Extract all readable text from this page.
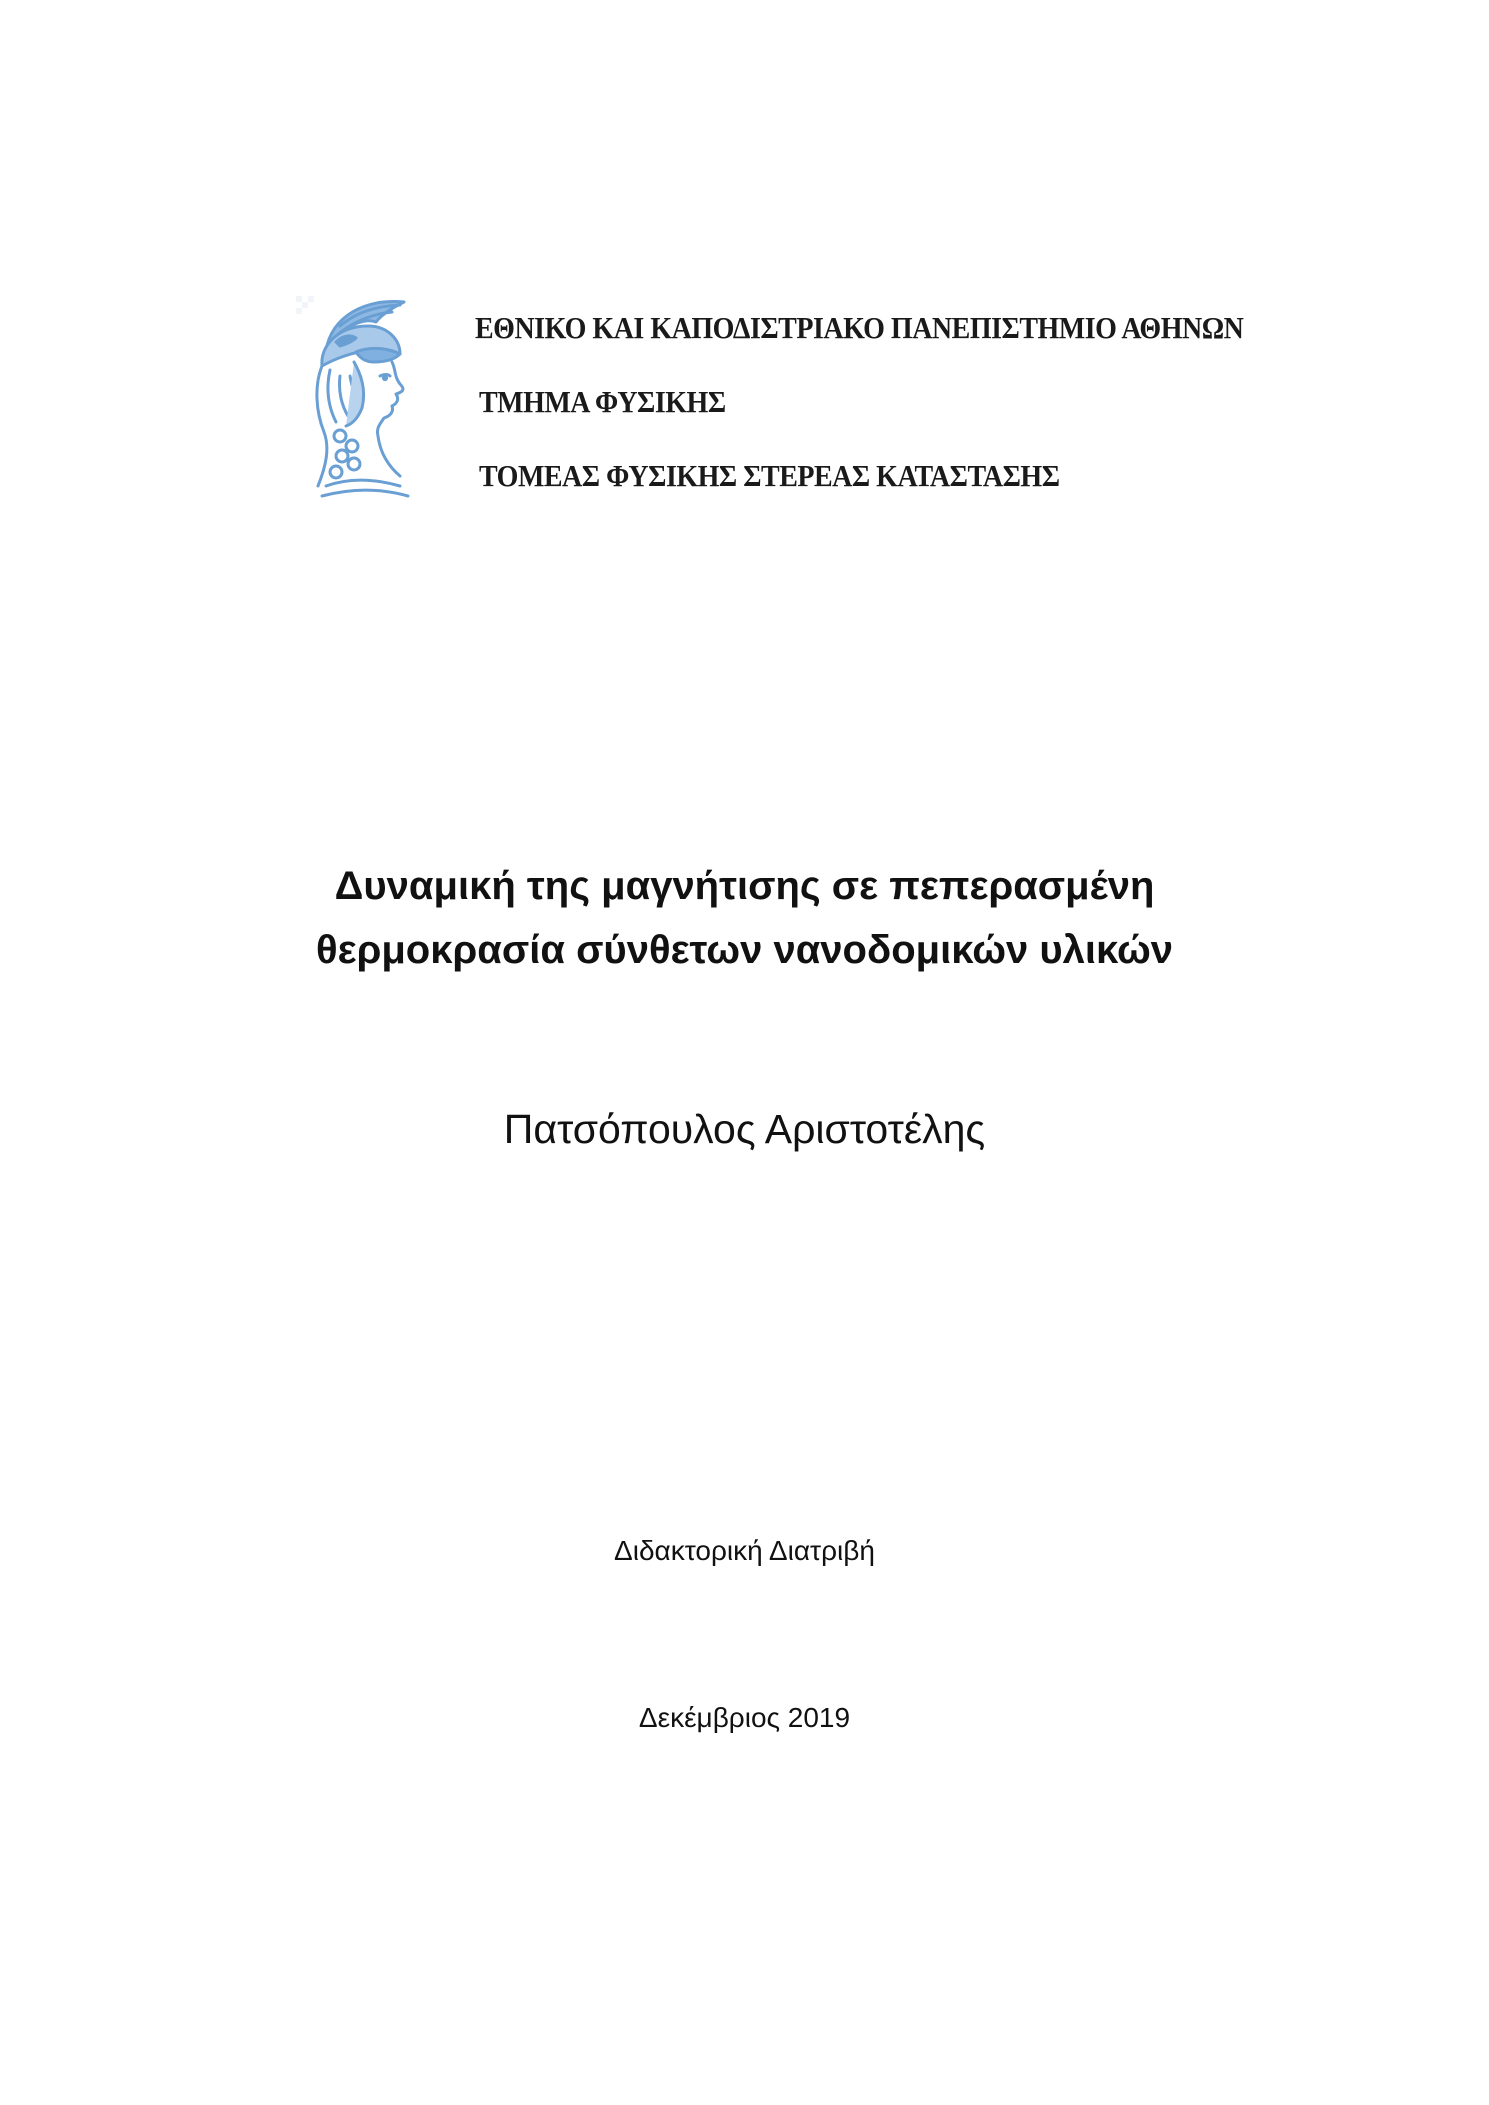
ΕΘΝΙΚΟ ΚΑΙ ΚΑΠΟΔΙΣΤΡΙΑΚΟ ΠΑΝΕΠΙΣΤΗΜΙΟ ΑΘΗΝΩΝ
ΤΜΗΜΑ ΦΥΣΙΚΗΣ
ΤΟΜΕΑΣ ΦΥΣΙΚΗΣ ΣΤΕΡΕΑΣ ΚΑΤΑΣΤΑΣΗΣ
Δυναμική της μαγνήτισης σε πεπερασμένη
θερμοκρασία σύνθετων νανοδομικών υλικών
Πατσόπουλος Αριστοτέλης
Διδακτορική Διατριβή
Δεκέμβριος 2019
